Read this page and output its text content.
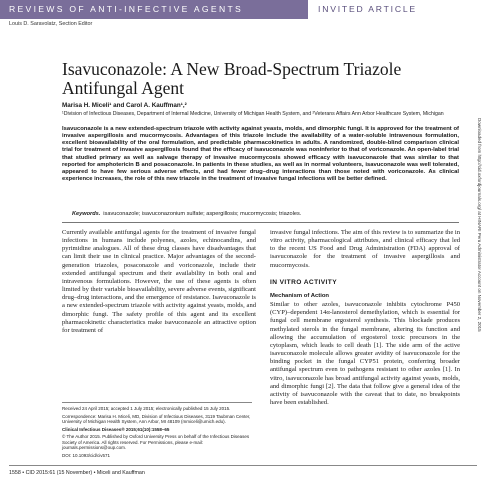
REVIEWS OF ANTI-INFECTIVE AGENTS	INVITED ARTICLE
Louis D. Saravolatz, Section Editor
Isavuconazole: A New Broad-Spectrum Triazole Antifungal Agent
Marisa H. Miceli¹ and Carol A. Kauffman¹,²
¹Division of Infectious Diseases, Department of Internal Medicine, University of Michigan Health System, and ²Veterans Affairs Ann Arbor Healthcare System, Michigan

Isavuconazole is a new extended-spectrum triazole with activity against yeasts, molds, and dimorphic fungi. It is approved for the treatment of invasive aspergillosis and mucormycosis. Advantages of this triazole include the availability of a water-soluble intravenous formulation, excellent bioavailability of the oral formulation, and predictable pharmacokinetics in adults. A randomized, double-blind comparison clinical trial for treatment of invasive aspergillosis found that the efficacy of isavuconazole was noninferior to that of voriconazole. An open-label trial that studied primary as well as salvage therapy of invasive mucormycosis showed efficacy with isavuconazole that was similar to that reported for amphotericin B and posaconazole. In patients in these studies, as well as in normal volunteers, isavuconazole was well tolerated, appeared to have few serious adverse effects, and had fewer drug–drug interactions than those noted with voriconazole. As clinical experience increases, the role of this new triazole in the treatment of invasive fungal infections will be better defined.

Keywords. isavuconazole; isavuconazonium sulfate; aspergillosis; mucormycosis; triazoles.	Downloaded from http://cid.oxfordjournals.org/ at HINARI Peru Administrator Account on November 2, 2015

Currently available antifungal agents for the treatment of invasive fungal infections in humans include polyenes, azoles, echinocandins, and pyrimidine analogues. All of these drug classes have disadvantages that can limit their use in clinical practice. Major advantages of the second-generation triazoles, posaconazole and voriconazole, include their extended antifungal spectrum and their availability in both oral and intravenous formulations. However, the use of these agents is often limited by their variable bioavailability, severe adverse events, significant drug–drug interactions, and the emergence of resistance. Isavuconazole is a new extended-spectrum triazole with activity against yeasts, molds, and dimorphic fungi. The safety profile of this agent and its excellent pharmacokinetic characteristics make isavuconazole an attractive option for treatment of

invasive fungal infections. The aim of this review is to summarize the in vitro activity, pharmacological attributes, and clinical efficacy that led to the recent US Food and Drug Administration (FDA) approval of isavuconazole for the treatment of invasive aspergillosis and mucormycosis.

IN VITRO ACTIVITY
Mechanism of Action

Similar to other azoles, isavuconazole inhibits cytochrome P450 (CYP)–dependent 14α-lanosterol demethylation, which is essential for fungal cell membrane ergosterol synthesis. This blockade produces methylated sterols in the fungal membrane, altering its function and allowing the accumulation of ergosterol toxic precursors in the cytoplasm, which leads to cell death [1]. The side arm of the active isavuconazole molecule allows greater avidity of isavuconazole for the binding pocket in the fungal CYP51 protein, conferring broader antifungal spectrum even to pathogens resistant to other azoles [1]. In vitro, isavuconazole has broad antifungal activity against yeasts, molds, and dimorphic fungi [2]. The data that follow give a general idea of the activity of isavuconazole with the caveat that to date, no breakpoints have been established.

Received 24 April 2015; accepted 1 July 2015; electronically published 15 July 2015.

Correspondence: Marisa H. Miceli, MD, Division of Infectious Diseases, 3119 Taubman Center, University of Michigan Health System, Ann Arbor, MI 48109 (mmiceli@umich.edu).

Clinical Infectious Diseases® 2015;61(10):1558–65

© The Author 2015. Published by Oxford University Press on behalf of the Infectious Diseases Society of America. All rights reserved. For Permissions, please e-mail: journals.permissions@oup.com.

DOI: 10.1093/cid/civ571

1558 • CID 2015:61 (15 November) • Miceli and Kauffman
